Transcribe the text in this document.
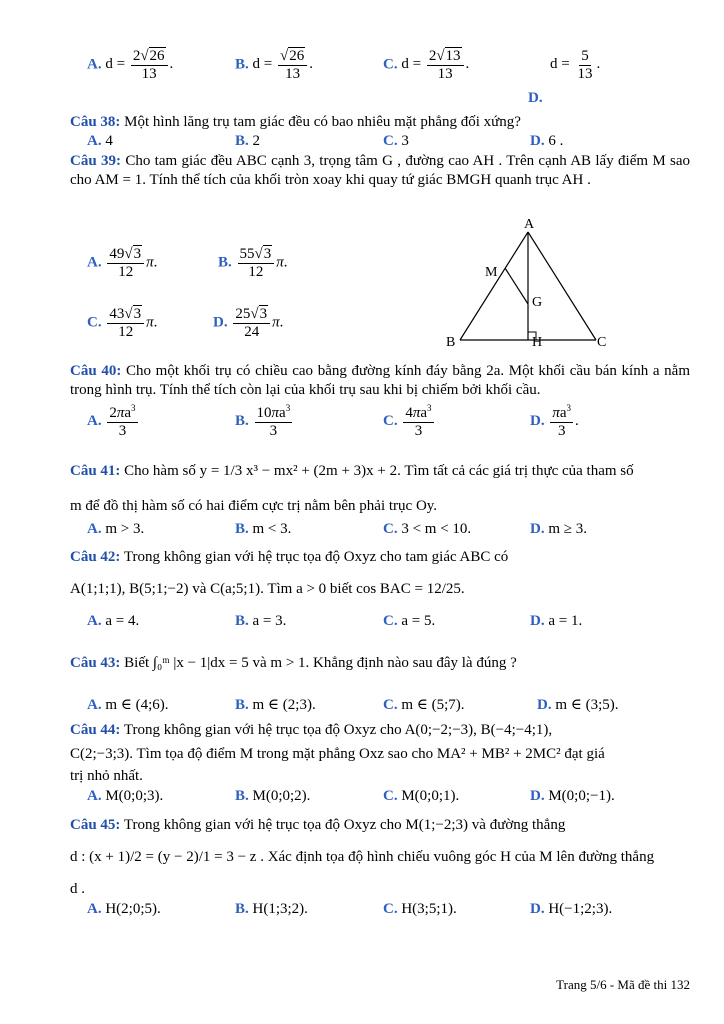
A. $d = \frac{2√26}{13}$ .	B. $d = \frac{√26}{13}$ .	C. $d = \frac{2√13}{13}$ .	$d = \frac{5}{13}$ .
D.
Câu 38: Một hình lăng trụ tam giác đều có bao nhiêu mặt phẳng đối xứng?
A. 4	B. 2	C. 3	D. 6 .
Câu 39: Cho tam giác đều ABC cạnh 3, trọng tâm G , đường cao AH . Trên cạnh AB lấy điểm M sao cho AM = 1. Tính thể tích của khối tròn xoay khi quay tứ giác BMGH quanh trục AH .
A. $\frac{49√3}{12} \pi$.	B. $\frac{55√3}{12} \pi$.
C. $\frac{43√3}{12} \pi$.	D. $\frac{25√3}{24} \pi$.
A
M
G
B	H	C
Câu 40: Cho một khối trụ có chiều cao bằng đường kính đáy bằng 2a. Một khối cầu bán kính a nằm trong hình trụ. Tính thể tích còn lại của khối trụ sau khi bị chiếm bởi khối cầu.
A. $\frac{2\pi a^3}{3}$	B. $\frac{10\pi a^3}{3}$	C. $\frac{4\pi a^3}{3}$	D. $\frac{\pi a^3}{3}$ .
Câu 41: Cho hàm số y = 1/3 x³ − mx² + (2m + 3)x + 2. Tìm tất cả các giá trị thực của tham số
m để đồ thị hàm số có hai điểm cực trị nằm bên phải trục Oy.
A. m > 3.	B. m < 3.	C. 3 < m < 10.	D. m ≥ 3.
Câu 42: Trong không gian với hệ trục tọa độ Oxyz cho tam giác ABC có
A(1;1;1), B(5;1;−2) và C(a;5;1). Tìm a > 0 biết cos BAC = 12/25.
A. a = 4.	B. a = 3.	C. a = 5.	D. a = 1.
Câu 43: Biết ∫₀ᵐ |x − 1|dx = 5 và m > 1. Khẳng định nào sau đây là đúng ?
A. m ∈ (4;6).	B. m ∈ (2;3).	C. m ∈ (5;7).	D. m ∈ (3;5).
Câu 44: Trong không gian với hệ trục tọa độ Oxyz cho A(0;−2;−3), B(−4;−4;1),
C(2;−3;3). Tìm tọa độ điểm M trong mặt phẳng Oxz sao cho MA² + MB² + 2MC² đạt giá
trị nhỏ nhất.
A. M(0;0;3).	B. M(0;0;2).	C. M(0;0;1).	D. M(0;0;−1).
Câu 45: Trong không gian với hệ trục tọa độ Oxyz cho M(1;−2;3) và đường thẳng
d : (x + 1)/2 = (y − 2)/1 = 3 − z . Xác định tọa độ hình chiếu vuông góc H của M lên đường thẳng
d .
A. H(2;0;5).	B. H(1;3;2).	C. H(3;5;1).	D. H(−1;2;3).
Trang 5/6 - Mã đề thi 132
